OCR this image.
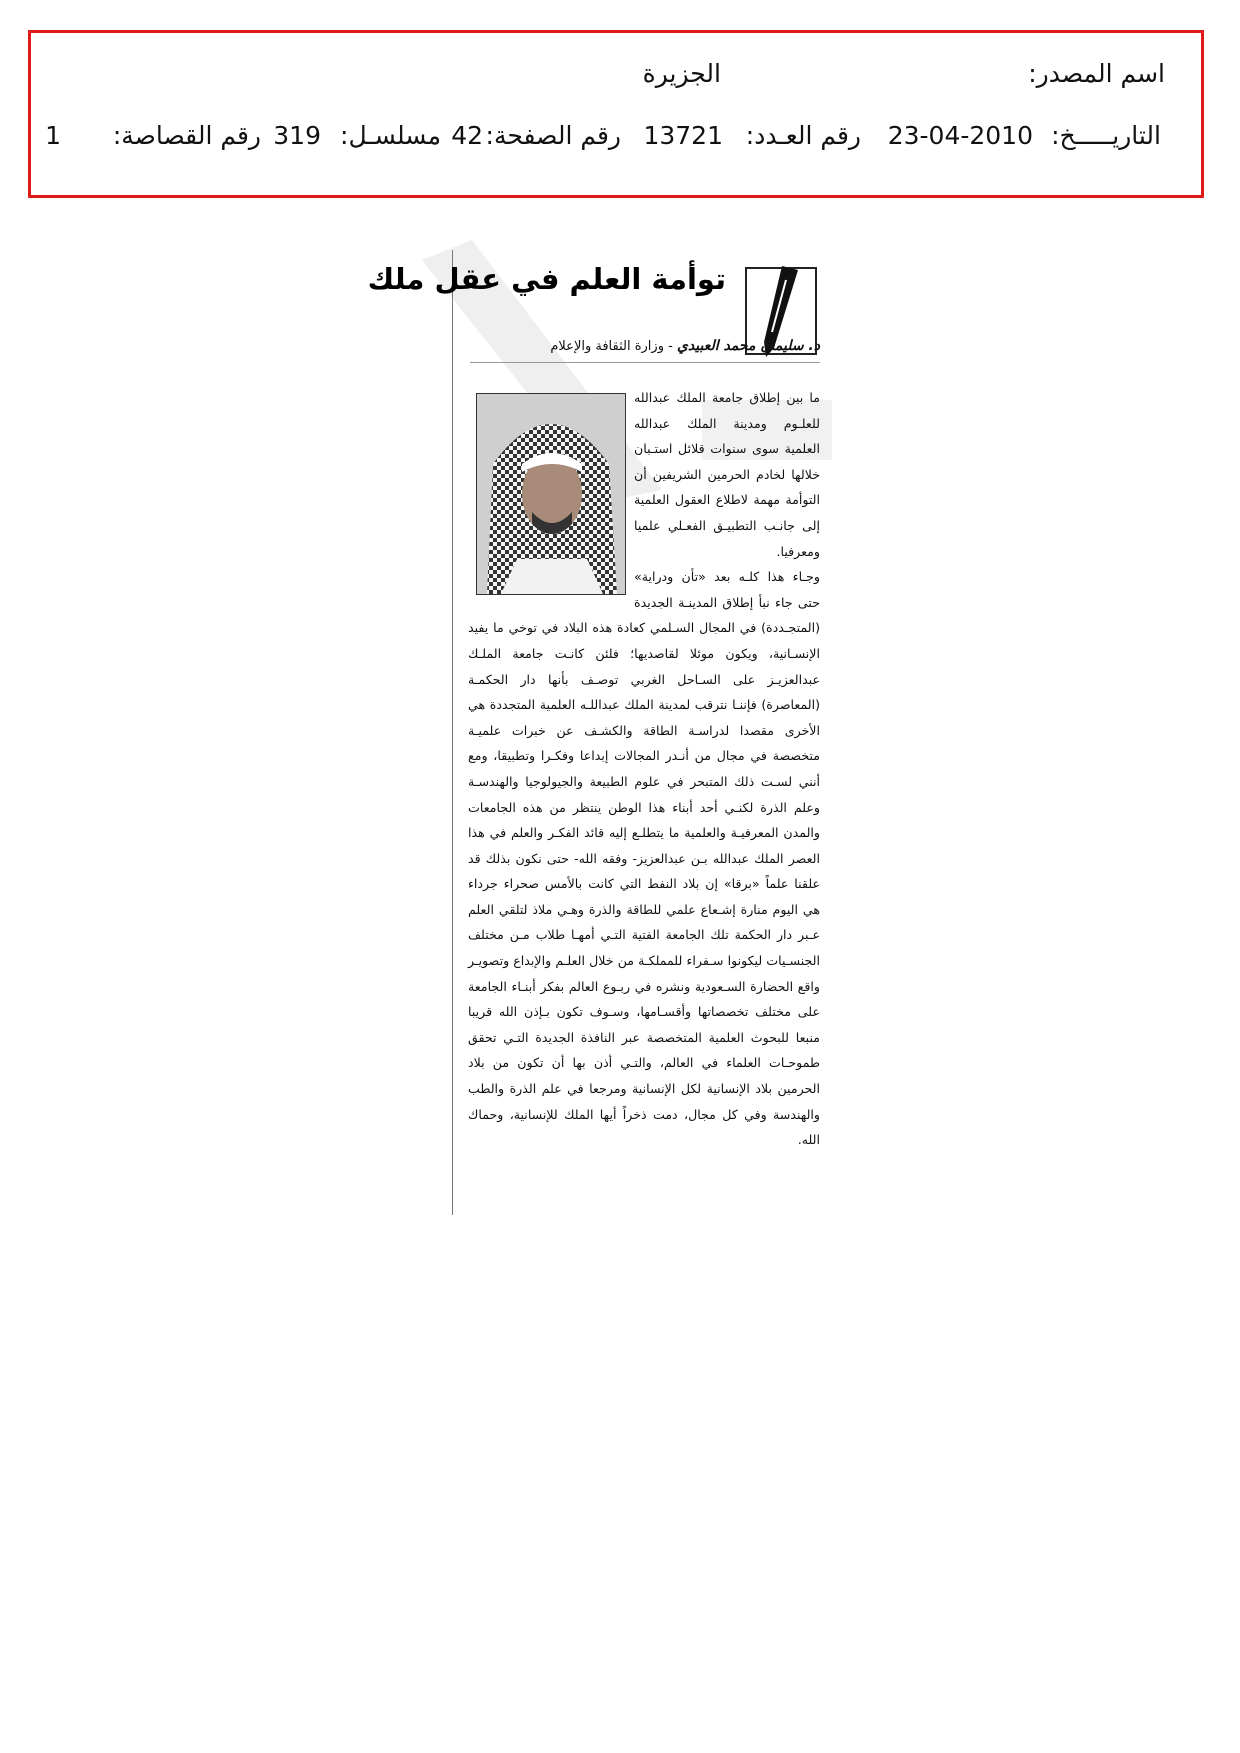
اسم المصدر:
الجزيرة
التاريـــــخ:
23-04-2010
رقم العـدد:
13721
رقم الصفحة:
42
مسلسـل:
319
رقم القصاصة:
1
توأمة العلم في عقل ملك
د. سليمان محمد العبيدي - وزارة الثقافة والإعلام

ما بين إطلاق جامعة الملك عبدالله للعلـوم ومدينة الملك عبدالله العلمية سوى سنوات قلائل استـبان خلالها لخادم الحرمين الشريفين أن التوأمة مهمة لاطلاع العقول العلمية إلى جانـب التطبيـق الفعـلي علميا ومعرفيا.

وجـاء هذا كلـه بعد «تأن ودراية» حتى جاء نبأ إطلاق المدينـة الجديدة (المتجـددة) في المجال السـلمي كعادة هذه البلاد في توخي ما يفيد الإنسـانية، ويكون موئلا لقاصديها؛ فلئن كانـت جامعة الملـك عبدالعزيـز على السـاحل الغربي توصـف بأنها دار الحكمـة (المعاصرة) فإننـا نترقب لمدينة الملك عبداللـه العلمية المتجددة هي الأخرى مقصدا لدراسـة الطاقة والكشـف عن خبرات علميـة متخصصة في مجال من أنـدر المجالات إبداعا وفكـرا وتطبيقا، ومع أنني لسـت ذلك المتبحر في علوم الطبيعة والجيولوجيا والهندسـة وعلم الذرة لكنـي أحد أبناء هذا الوطن ينتظر من هذه الجامعات والمدن المعرفيـة والعلمية ما يتطلـع إليه قائد الفكـر والعلم في هذا العصر الملك عبدالله بـن عبدالعزيز- وفقه الله- حتى نكون بذلك قد علقنا علماً «برقا» إن بلاد النفط التي كانت بالأمس صحراء جرداء هي اليوم منارة إشـعاع علمي للطاقة والذرة وهـي ملاذ لتلقي العلم عـبر دار الحكمة تلك الجامعة الفتية التـي أمهـا طلاب مـن مختلف الجنسـيات ليكونوا سـفراء للمملكـة من خلال العلـم والإبداع وتصويـر واقع الحضارة السـعودية ونشره في ربـوع العالم بفكر أبنـاء الجامعة على مختلف تخصصاتها وأقسـامها، وسـوف تكون بـإذن الله قريبا منبعا للبحوث العلمية المتخصصة عبر النافذة الجديدة التـي تحقق طموحـات العلماء في العالم، والتـي أذن بها أن تكون من بلاد الحرمين بلاد الإنسانية لكل الإنسانية ومرجعا في علم الذرة والطب والهندسة وفي كل مجال، دمت ذخراً أيها الملك للإنسانية، وحماك الله.
